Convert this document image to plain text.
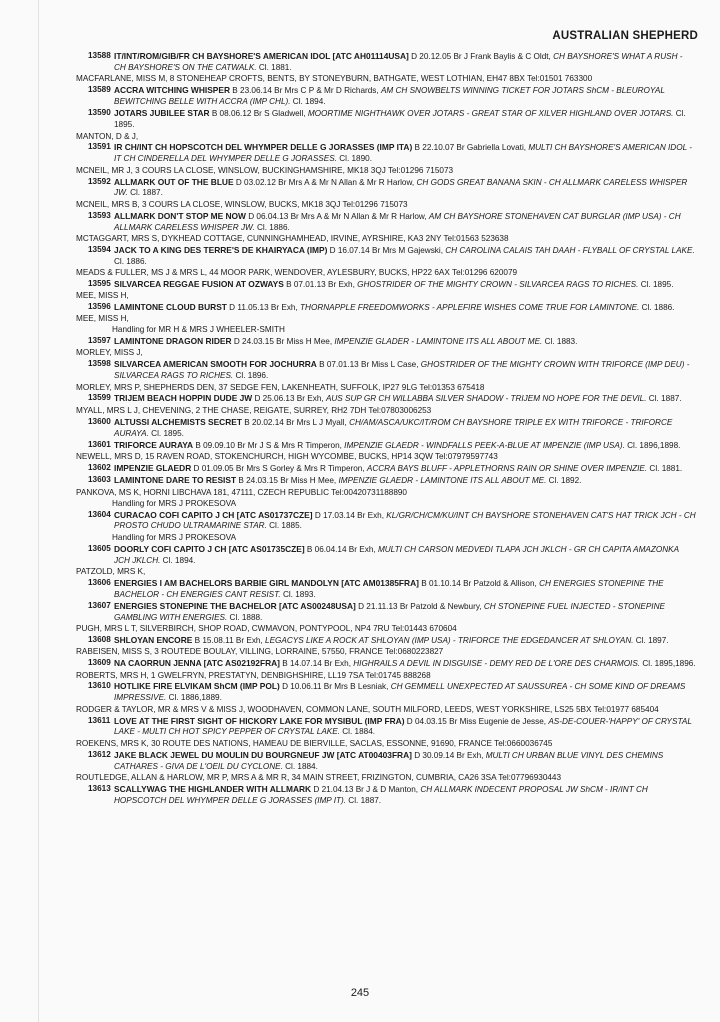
AUSTRALIAN SHEPHERD
13588 IT/INT/ROM/GIB/FR CH BAYSHORE'S AMERICAN IDOL [ATC AH01114USA] D 20.12.05 Br J Frank Baylis & C Oldt, CH BAYSHORE'S WHAT A RUSH - CH BAYSHORE'S ON THE CATWALK. Cl. 1881.
MACFARLANE, MISS M, 8 STONEHEAP CROFTS, BENTS, BY STONEYBURN, BATHGATE, WEST LOTHIAN, EH47 8BX Tel:01501 763300
13589 ACCRA WITCHING WHISPER B 23.06.14 Br Mrs C P & Mr D Richards, AM CH SNOWBELTS WINNING TICKET FOR JOTARS ShCM - BLEUROYAL BEWITCHING BELLE WITH ACCRA (IMP CHL). Cl. 1894.
13590 JOTARS JUBILEE STAR B 08.06.12 Br S Gladwell, MOORTIME NIGHTHAWK OVER JOTARS - GREAT STAR OF XILVER HIGHLAND OVER JOTARS. Cl. 1895.
MANTON, D & J,
13591 IR CH/INT CH HOPSCOTCH DEL WHYMPER DELLE G JORASSES (IMP ITA) B 22.10.07 Br Gabriella Lovati, MULTI CH BAYSHORE'S AMERICAN IDOL - IT CH CINDERELLA DEL WHYMPER DELLE G JORASSES. Cl. 1890.
MCNEIL, MR J, 3 COURS LA CLOSE, WINSLOW, BUCKINGHAMSHIRE, MK18 3QJ Tel:01296 715073
13592 ALLMARK OUT OF THE BLUE D 03.02.12 Br Mrs A & Mr N Allan & Mr R Harlow, CH GODS GREAT BANANA SKIN - CH ALLMARK CARELESS WHISPER JW. Cl. 1887.
MCNEIL, MRS B, 3 COURS LA CLOSE, WINSLOW, BUCKS, MK18 3QJ Tel:01296 715073
13593 ALLMARK DON'T STOP ME NOW D 06.04.13 Br Mrs A & Mr N Allan & Mr R Harlow, AM CH BAYSHORE STONEHAVEN CAT BURGLAR (IMP USA) - CH ALLMARK CARELESS WHISPER JW. Cl. 1886.
MCTAGGART, MRS S, DYKHEAD COTTAGE, CUNNINGHAMHEAD, IRVINE, AYRSHIRE, KA3 2NY Tel:01563 523638
13594 JACK TO A KING DES TERRE'S DE KHAIRYACA (IMP) D 16.07.14 Br Mrs M Gajewski, CH CAROLINA CALAIS TAH DAAH - FLYBALL OF CRYSTAL LAKE. Cl. 1886.
MEADS & FULLER, MS J & MRS L, 44 MOOR PARK, WENDOVER, AYLESBURY, BUCKS, HP22 6AX Tel:01296 620079
13595 SILVARCEA REGGAE FUSION AT OZWAYS B 07.01.13 Br Exh, GHOSTRIDER OF THE MIGHTY CROWN - SILVARCEA RAGS TO RICHES. Cl. 1895.
MEE, MISS H,
13596 LAMINTONE CLOUD BURST D 11.05.13 Br Exh, THORNAPPLE FREEDOMWORKS - APPLEFIRE WISHES COME TRUE FOR LAMINTONE. Cl. 1886.
MEE, MISS H,
Handling for MR H & MRS J WHEELER-SMITH
13597 LAMINTONE DRAGON RIDER D 24.03.15 Br Miss H Mee, IMPENZIE GLADER - LAMINTONE ITS ALL ABOUT ME. Cl. 1883.
MORLEY, MISS J,
13598 SILVARCEA AMERICAN SMOOTH FOR JOCHURRA B 07.01.13 Br Miss L Case, GHOSTRIDER OF THE MIGHTY CROWN WITH TRIFORCE (IMP DEU) - SILVARCEA RAGS TO RICHES. Cl. 1896.
MORLEY, MRS P, SHEPHERDS DEN, 37 SEDGE FEN, LAKENHEATH, SUFFOLK, IP27 9LG Tel:01353 675418
13599 TRIJEM BEACH HOPPIN DUDE JW D 25.06.13 Br Exh, AUS SUP GR CH WILLABBA SILVER SHADOW - TRIJEM NO HOPE FOR THE DEVIL. Cl. 1887.
MYALL, MRS L J, CHEVENING, 2 THE CHASE, REIGATE, SURREY, RH2 7DH Tel:07803006253
13600 ALTUSSI ALCHEMISTS SECRET B 20.02.14 Br Mrs L J Myall, CH/AM/ASCA/UKC/IT/ROM CH BAYSHORE TRIPLE EX WITH TRIFORCE - TRIFORCE AURAYA. Cl. 1895.
13601 TRIFORCE AURAYA B 09.09.10 Br Mr J S & Mrs R Timperon, IMPENZIE GLAEDR - WINDFALLS PEEK-A-BLUE AT IMPENZIE (IMP USA). Cl. 1896,1898.
NEWELL, MRS D, 15 RAVEN ROAD, STOKENCHURCH, HIGH WYCOMBE, BUCKS, HP14 3QW Tel:07979597743
13602 IMPENZIE GLAEDR D 01.09.05 Br Mrs S Gorley & Mrs R Timperon, ACCRA BAYS BLUFF - APPLETHORNS RAIN OR SHINE OVER IMPENZIE. Cl. 1881.
13603 LAMINTONE DARE TO RESIST B 24.03.15 Br Miss H Mee, IMPENZIE GLAEDR - LAMINTONE ITS ALL ABOUT ME. Cl. 1892.
PANKOVA, MS K, HORNI LIBCHAVA 181, 47111, CZECH REPUBLIC Tel:00420731188890
Handling for MRS J PROKESOVA
13604 CURACAO COFI CAPITO J CH [ATC AS01737CZE] D 17.03.14 Br Exh, KL/GR/CH/CM/KU/INT CH BAYSHORE STONEHAVEN CAT'S HAT TRICK JCH - CH PROSTO CHUDO ULTRAMARINE STAR. Cl. 1885.
Handling for MRS J PROKESOVA
13605 DOORLY COFI CAPITO J CH [ATC AS01735CZE] B 06.04.14 Br Exh, MULTI CH CARSON MEDVEDI TLAPA JCH JKLCH - GR CH CAPITA AMAZONKA JCH JKLCH. Cl. 1894.
PATZOLD, MRS K,
13606 ENERGIES I AM BACHELORS BARBIE GIRL MANDOLYN [ATC AM01385FRA] B 01.10.14 Br Patzold & Allison, CH ENERGIES STONEPINE THE BACHELOR - CH ENERGIES CANT RESIST. Cl. 1893.
13607 ENERGIES STONEPINE THE BACHELOR [ATC AS00248USA] D 21.11.13 Br Patzold & Newbury, CH STONEPINE FUEL INJECTED - STONEPINE GAMBLING WITH ENERGIES. Cl. 1888.
PUGH, MRS L T, SILVERBIRCH, SHOP ROAD, CWMAVON, PONTYPOOL, NP4 7RU Tel:01443 670604
13608 SHLOYAN ENCORE B 15.08.11 Br Exh, LEGACYS LIKE A ROCK AT SHLOYAN (IMP USA) - TRIFORCE THE EDGEDANCER AT SHLOYAN. Cl. 1897.
RABEISEN, MISS S, 3 ROUTEDE BOULAY, VILLING, LORRAINE, 57550, FRANCE Tel:0680223827
13609 NA CAORRUN JENNA [ATC AS02192FRA] B 14.07.14 Br Exh, HIGHRAILS A DEVIL IN DISGUISE - DEMY RED DE L'ORE DES CHARMOIS. Cl. 1895,1896.
ROBERTS, MRS H, 1 GWELFRYN, PRESTATYN, DENBIGHSHIRE, LL19 7SA Tel:01745 888268
13610 HOTLIKE FIRE ELVIKAM ShCM (IMP POL) D 10.06.11 Br Mrs B Lesniak, CH GEMMELL UNEXPECTED AT SAUSSUREA - CH SOME KIND OF DREAMS IMPRESSIVE. Cl. 1886,1889.
RODGER & TAYLOR, MR & MRS V & MISS J, WOODHAVEN, COMMON LANE, SOUTH MILFORD, LEEDS, WEST YORKSHIRE, LS25 5BX Tel:01977 685404
13611 LOVE AT THE FIRST SIGHT OF HICKORY LAKE FOR MYSIBUL (IMP FRA) D 04.03.15 Br Miss Eugenie de Jesse, AS-DE-COUER-'HAPPY' OF CRYSTAL LAKE - MULTI CH HOT SPICY PEPPER OF CRYSTAL LAKE. Cl. 1884.
ROEKENS, MRS K, 30 ROUTE DES NATIONS, HAMEAU DE BIERVILLE, SACLAS, ESSONNE, 91690, FRANCE Tel:0660036745
13612 JAKE BLACK JEWEL DU MOULIN DU BOURGNEUF JW [ATC AT00403FRA] D 30.09.14 Br Exh, MULTI CH URBAN BLUE VINYL DES CHEMINS CATHARES - GIVA DE L'OEIL DU CYCLONE. Cl. 1884.
ROUTLEDGE, ALLAN & HARLOW, MR P, MRS A & MR R, 34 MAIN STREET, FRIZINGTON, CUMBRIA, CA26 3SA Tel:07796930443
13613 SCALLYWAG THE HIGHLANDER WITH ALLMARK D 21.04.13 Br J & D Manton, CH ALLMARK INDECENT PROPOSAL JW ShCM - IR/INT CH HOPSCOTCH DEL WHYMPER DELLE G JORASSES (IMP IT). Cl. 1887.
245
